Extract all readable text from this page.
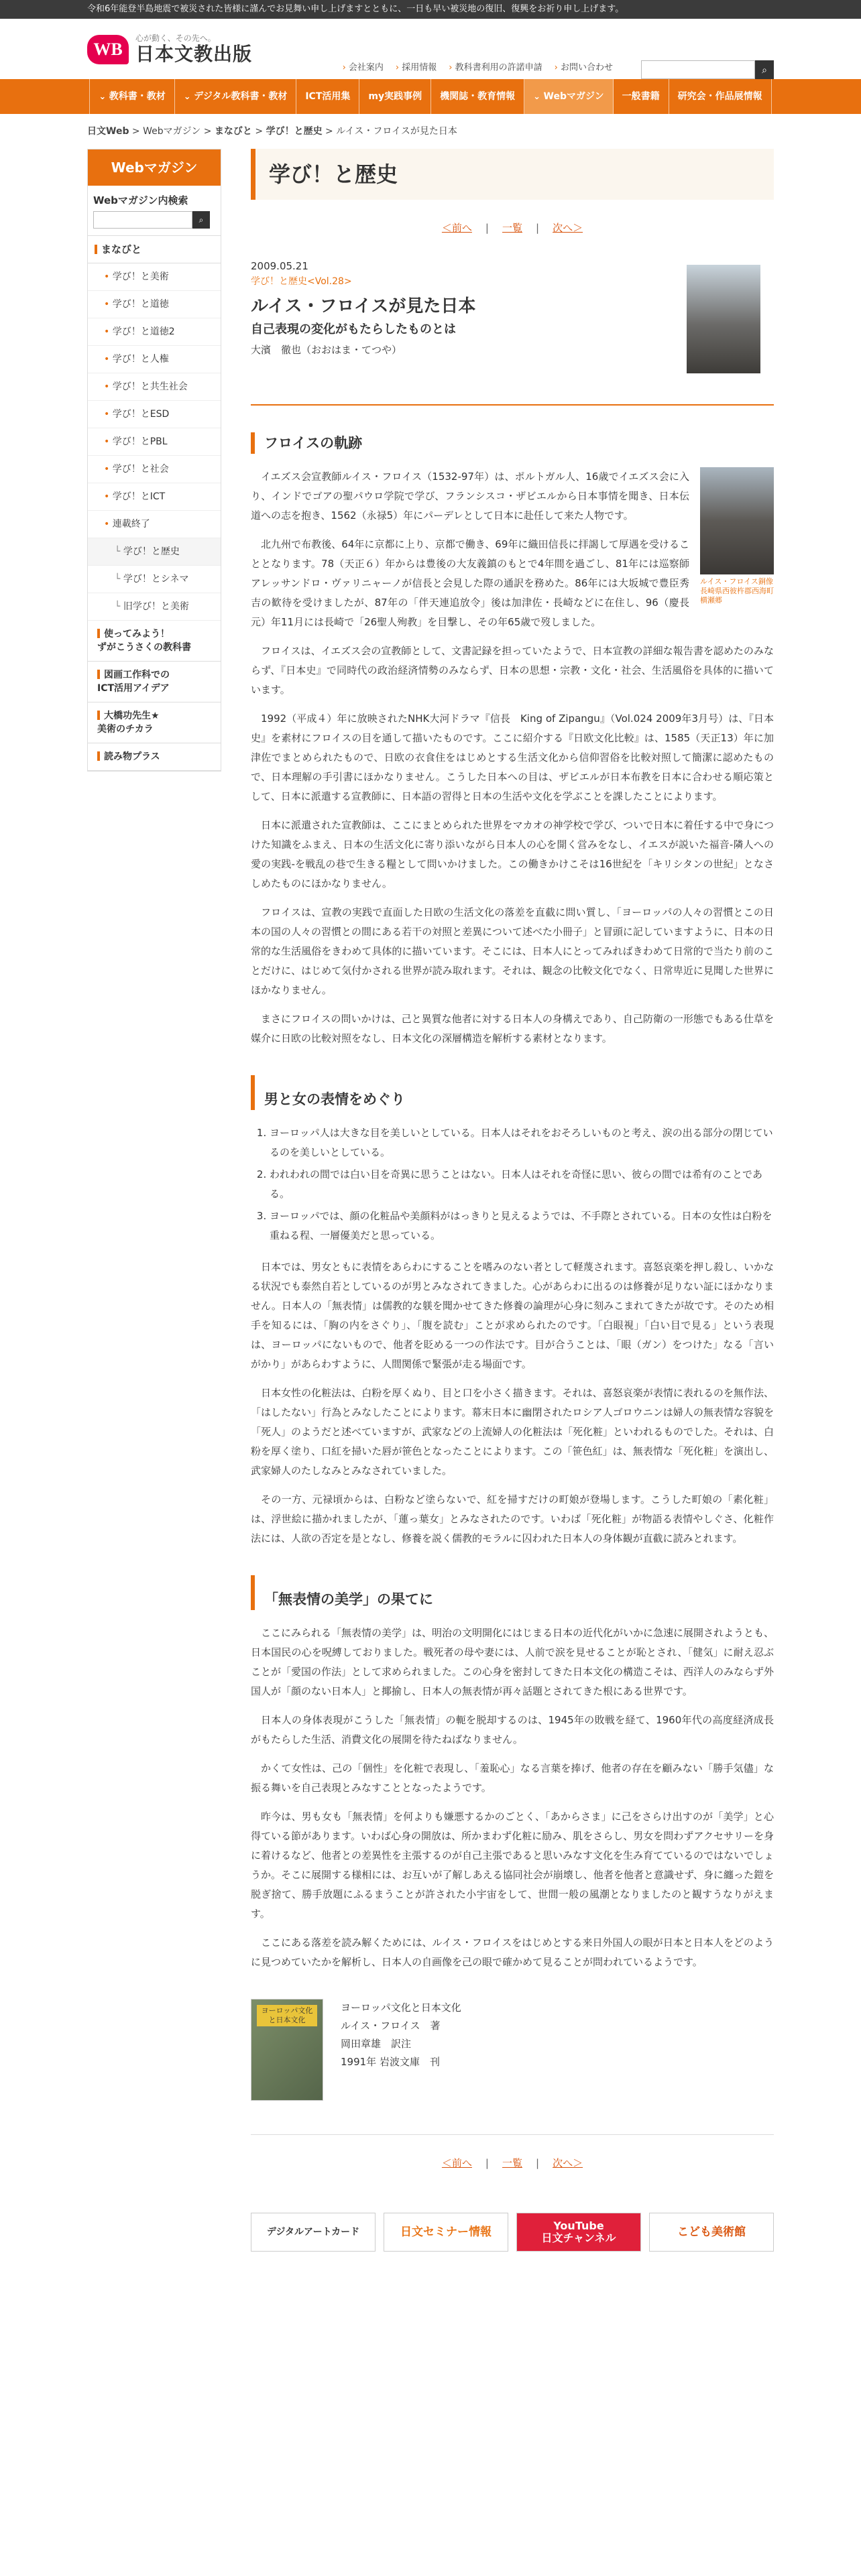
令和6年能登半島地震で被災された皆様に謹んでお見舞い申し上げますとともに、一日も早い被災地の復旧、復興をお祈り申し上げます。
WB
心が動く、その先へ。
日本文教出版
› 会社案内	› 採用情報	› 教科書利用の許諾申請	› お問い合わせ	⌕
⌄ 教科書・教材	⌄ デジタル教科書・教材	ICT活用集	my実践事例	機関誌・教育情報	⌄ Webマガジン	一般書籍	研究会・作品展情報
日文Web > Webマガジン > まなびと > 学び！と歴史 > ルイス・フロイスが見た日本
Webマガジン
Webマガジン内検索
⌕
まなびと
• 学び！と美術
• 学び！と道徳
• 学び！と道徳2
• 学び！と人権
• 学び！と共生社会
• 学び！とESD
• 学び！とPBL
• 学び！と社会
• 学び！とICT
• 連載終了
└ 学び！と歴史
└ 学び！とシネマ
└ 旧学び！と美術
使ってみよう！
ずがこうさくの教科書
図画工作科での
ICT活用アイデア
大橋功先生★
美術のチカラ
読み物プラス
学び！と歴史
＜前へ | 一覧 | 次へ＞
2009.05.21
学び！と歴史<Vol.28>
ルイス・フロイスが見た日本
自己表現の変化がもたらしたものとは
大濱　徹也（おおはま・てつや）
フロイスの軌跡
ルイス・フロイス銅像
長崎県西彼杵郡西海町横瀬郷

イエズス会宣教師ルイス・フロイス（1532-97年）は、ポルトガル人、16歳でイエズス会に入り、インドでゴアの聖パウロ学院で学び、フランシスコ・ザビエルから日本事情を聞き、日本伝道への志を抱き、1562（永禄5）年にパーデレとして日本に赴任して来た人物です。

北九州で布教後、64年に京都に上り、京都で働き、69年に織田信長に拝謁して厚遇を受けることとなります。78（天正６）年からは豊後の大友義鎮のもとで4年間を過ごし、81年には巡察師アレッサンドロ・ヴァリニャーノが信長と会見した際の通訳を務めた。86年には大坂城で豊臣秀吉の歓待を受けましたが、87年の「伴天連追放令」後は加津佐・長崎などに在住し、96（慶長元）年11月には長崎で「26聖人殉教」を目撃し、その年65歳で歿しました。

フロイスは、イエズス会の宣教師として、文書記録を担っていたようで、日本宣教の詳細な報告書を認めたのみならず、『日本史』で同時代の政治経済情勢のみならず、日本の思想・宗教・文化・社会、生活風俗を具体的に描いています。

1992（平成４）年に放映されたNHK大河ドラマ『信長　King of Zipangu』（Vol.024 2009年3月号）は、『日本史』を素材にフロイスの目を通して描いたものです。ここに紹介する『日欧文化比較』は、1585（天正13）年に加津佐でまとめられたもので、日欧の衣食住をはじめとする生活文化から信仰習俗を比較対照して簡潔に認めたもので、日本理解の手引書にほかなりません。こうした日本への目は、ザビエルが日本布教を日本に合わせる順応策として、日本に派遣する宣教師に、日本語の習得と日本の生活や文化を学ぶことを課したことによります。

日本に派遣された宣教師は、ここにまとめられた世界をマカオの神学校で学び、ついで日本に着任する中で身につけた知識をふまえ、日本の生活文化に寄り添いながら日本人の心を開く営みをなし、イエスが説いた福音-隣人への愛の実践-を戦乱の巷で生きる糧として問いかけました。この働きかけこそは16世紀を「キリシタンの世紀」となさしめたものにほかなりません。

フロイスは、宣教の実践で直面した日欧の生活文化の落差を直截に問い質し、「ヨーロッパの人々の習慣とこの日本の国の人々の習慣との間にある若干の対照と差異について述べた小冊子」と冒頭に記していますように、日本の日常的な生活風俗をきわめて具体的に描いています。そこには、日本人にとってみればきわめて日常的で当たり前のことだけに、はじめて気付かされる世界が読み取れます。それは、観念の比較文化でなく、日常卑近に見聞した世界にほかなりません。

まさにフロイスの問いかけは、己と異質な他者に対する日本人の身構えであり、自己防衛の一形態でもある仕草を媒介に日欧の比較対照をなし、日本文化の深層構造を解析する素材となります。

男と女の表情をめぐり
1. ヨーロッパ人は大きな目を美しいとしている。日本人はそれをおそろしいものと考え、涙の出る部分の閉じているのを美しいとしている。
2. われわれの間では白い目を奇異に思うことはない。日本人はそれを奇怪に思い、彼らの間では希有のことである。
3. ヨーロッパでは、顔の化粧品や美顔料がはっきりと見えるようでは、不手際とされている。日本の女性は白粉を重ねる程、一層優美だと思っている。

日本では、男女ともに表情をあらわにすることを嗜みのない者として軽蔑されます。喜怒哀楽を押し殺し、いかなる状況でも泰然自若としているのが男とみなされてきました。心があらわに出るのは修養が足りない証にほかなりません。日本人の「無表情」は儒教的な躾を聞かせてきた修養の論理が心身に刻みこまれてきたが故です。そのため相手を知るには、「胸の内をさぐり」、「腹を読む」ことが求められたのです。「白眼視」「白い目で見る」という表現は、ヨーロッパにないもので、他者を貶める一つの作法です。目が合うことは、「眼（ガン）をつけた」なる「言いがかり」があらわすように、人間関係で緊張が走る場面です。

日本女性の化粧法は、白粉を厚くぬり、目と口を小さく描きます。それは、喜怒哀楽が表情に表れるのを無作法、「はしたない」行為とみなしたことによります。幕末日本に幽閉されたロシア人ゴロウニンは婦人の無表情な容貌を「死人」のようだと述べていますが、武家などの上流婦人の化粧法は「死化粧」といわれるものでした。それは、白粉を厚く塗り、口紅を掃いた唇が笹色となったことによります。この「笹色紅」は、無表情な「死化粧」を演出し、武家婦人のたしなみとみなされていました。

その一方、元禄頃からは、白粉など塗らないで、紅を掃すだけの町娘が登場します。こうした町娘の「素化粧」は、浮世絵に描かれましたが、「蓮っ葉女」とみなされたのです。いわば「死化粧」が物語る表情やしぐさ、化粧作法には、人欲の否定を是となし、修養を説く儒教的モラルに囚われた日本人の身体観が直截に読みとれます。

「無表情の美学」の果てに

ここにみられる「無表情の美学」は、明治の文明開化にはじまる日本の近代化がいかに急速に展開されようとも、日本国民の心を呪縛しておりました。戦死者の母や妻には、人前で涙を見せることが恥とされ、「健気」に耐え忍ぶことが「愛国の作法」として求められました。この心身を密封してきた日本文化の構造こそは、西洋人のみならず外国人が「顔のない日本人」と揶揄し、日本人の無表情が再々話題とされてきた根にある世界です。

日本人の身体表現がこうした「無表情」の軛を脱却するのは、1945年の敗戦を経て、1960年代の高度経済成長がもたらした生活、消費文化の展開を待たねばなりません。

かくて女性は、己の「個性」を化粧で表現し、「羞恥心」なる言葉を捧げ、他者の存在を顧みない「勝手気儘」な振る舞いを自己表現とみなすこととなったようです。

昨今は、男も女も「無表情」を何よりも嫌悪するかのごとく、「あからさま」に己をさらけ出すのが「美学」と心得ている節があります。いわば心身の開放は、所かまわず化粧に励み、肌をさらし、男女を問わずアクセサリーを身に着けるなど、他者との差異性を主張するのが自己主張であると思いみなす文化を生み育てているのではないでしょうか。そこに展開する様相には、お互いが了解しあえる協同社会が崩壊し、他者を他者と意識せず、身に纏った鎧を脱ぎ捨て、勝手放題にふるまうことが許された小宇宙をして、世間一般の風潮となりましたのと観すうなりがえます。

ここにある落差を読み解くためには、ルイス・フロイスをはじめとする来日外国人の眼が日本と日本人をどのように見つめていたかを解析し、日本人の自画像を己の眼で確かめて見ることが問われているようです。

ヨーロッパ文化と日本文化
ヨーロッパ文化と日本文化
ルイス・フロイス　著
岡田章雄　訳注
1991年 岩波文庫　刊
＜前へ | 一覧 | 次へ＞
デジタルアートカード	日文セミナー情報	YouTube
日文チャンネル	こども美術館
